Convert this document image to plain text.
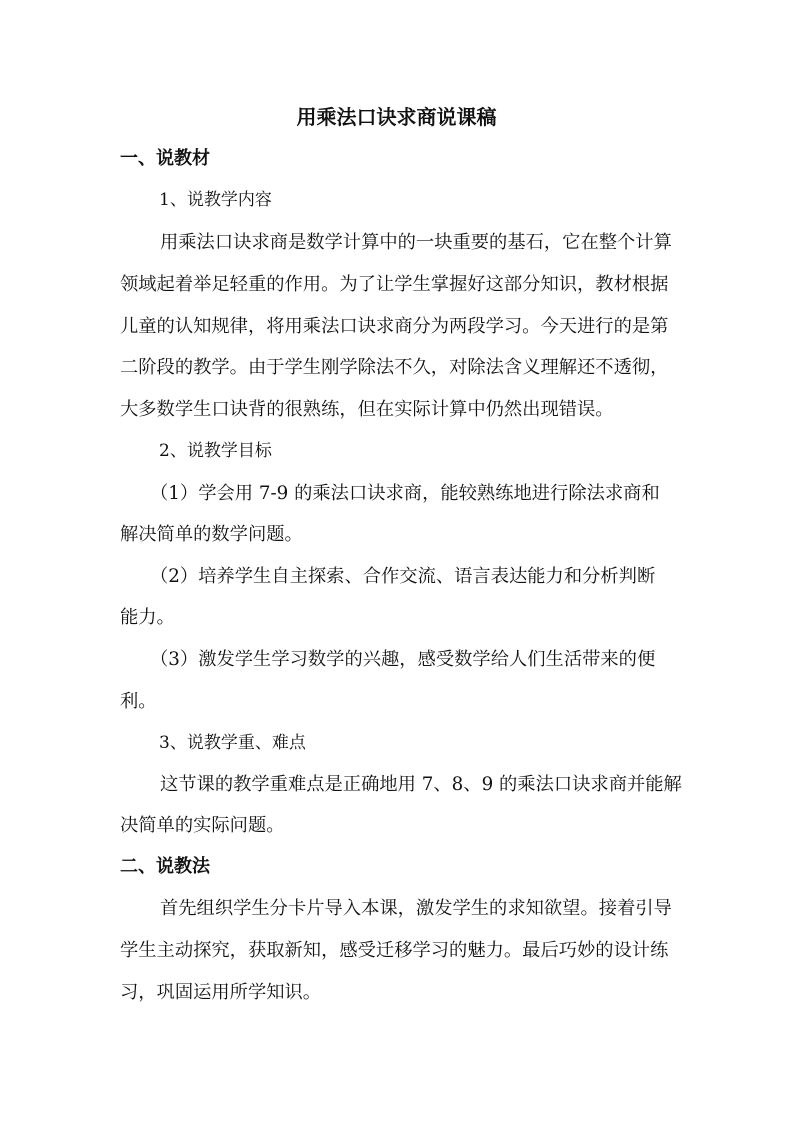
用乘法口诀求商说课稿
一、说教材
1、说教学内容
用乘法口诀求商是数学计算中的一块重要的基石，它在整个计算
领域起着举足轻重的作用。为了让学生掌握好这部分知识，教材根据
儿童的认知规律，将用乘法口诀求商分为两段学习。今天进行的是第
二阶段的教学。由于学生刚学除法不久，对除法含义理解还不透彻，
大多数学生口诀背的很熟练，但在实际计算中仍然出现错误。
2、说教学目标
（1）学会用 7-9 的乘法口诀求商，能较熟练地进行除法求商和
解决简单的数学问题。
（2）培养学生自主探索、合作交流、语言表达能力和分析判断
能力。
（3）激发学生学习数学的兴趣，感受数学给人们生活带来的便
利。
3、说教学重、难点
这节课的教学重难点是正确地用 7、8、9 的乘法口诀求商并能解
决简单的实际问题。
二、说教法
首先组织学生分卡片导入本课，激发学生的求知欲望。接着引导
学生主动探究，获取新知，感受迁移学习的魅力。最后巧妙的设计练
习，巩固运用所学知识。
